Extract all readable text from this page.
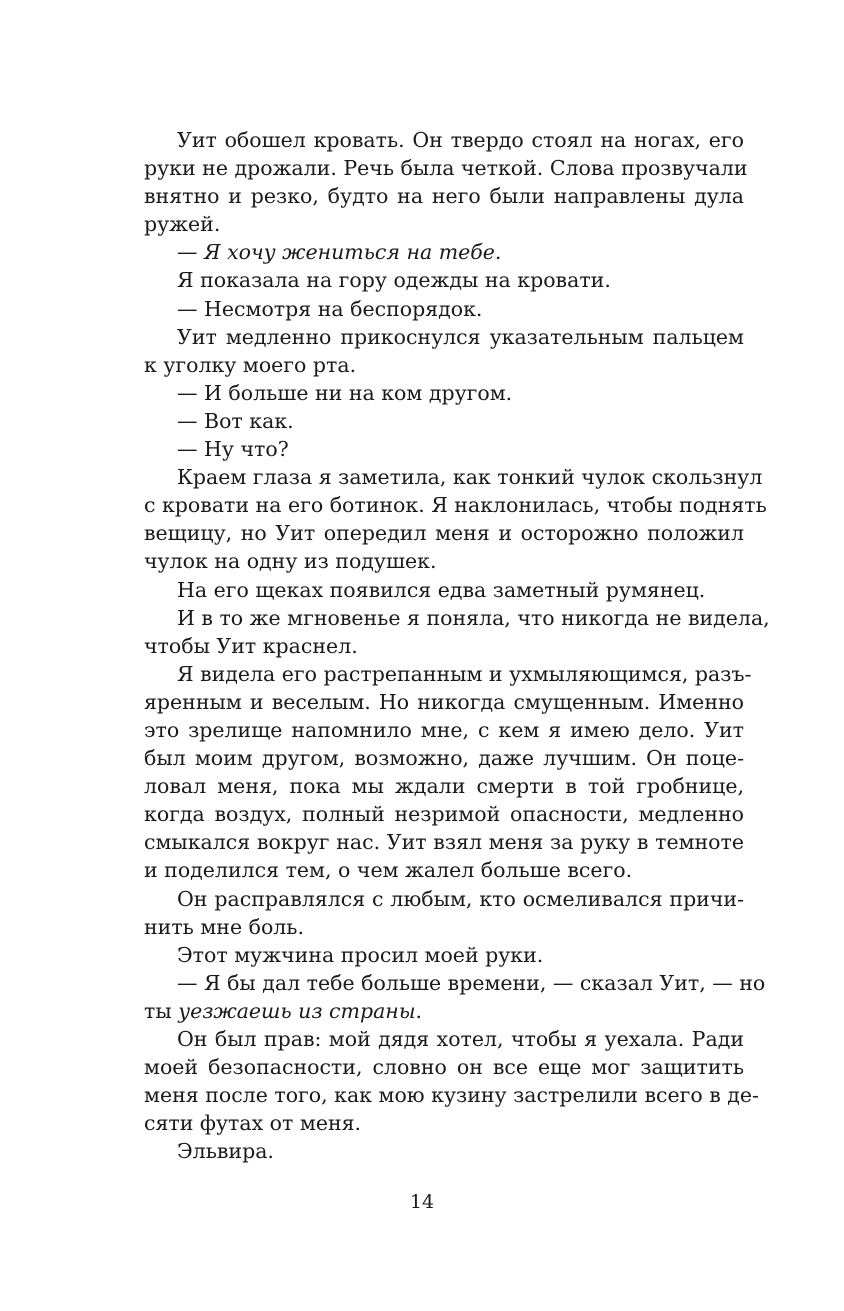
Уит обошел кровать. Он твердо стоял на ногах, его
руки не дрожали. Речь была четкой. Слова прозвучали
внятно и резко, будто на него были направлены дула
ружей.
— Я хочу жениться на тебе.
Я показала на гору одежды на кровати.
— Несмотря на беспорядок.
Уит медленно прикоснулся указательным пальцем
к уголку моего рта.
— И больше ни на ком другом.
— Вот как.
— Ну что?
Краем глаза я заметила, как тонкий чулок скользнул
с кровати на его ботинок. Я наклонилась, чтобы поднять
вещицу, но Уит опередил меня и осторожно положил
чулок на одну из подушек.
На его щеках появился едва заметный румянец.
И в то же мгновенье я поняла, что никогда не видела,
чтобы Уит краснел.
Я видела его растрепанным и ухмыляющимся, разъ-
яренным и веселым. Но никогда смущенным. Именно
это зрелище напомнило мне, с кем я имею дело. Уит
был моим другом, возможно, даже лучшим. Он поце-
ловал меня, пока мы ждали смерти в той гробнице,
когда воздух, полный незримой опасности, медленно
смыкался вокруг нас. Уит взял меня за руку в темноте
и поделился тем, о чем жалел больше всего.
Он расправлялся с любым, кто осмеливался причи-
нить мне боль.
Этот мужчина просил моей руки.
— Я бы дал тебе больше времени, — сказал Уит, — но
ты уезжаешь из страны.
Он был прав: мой дядя хотел, чтобы я уехала. Ради
моей безопасности, словно он все еще мог защитить
меня после того, как мою кузину застрелили всего в де-
сяти футах от меня.
Эльвира.
14
